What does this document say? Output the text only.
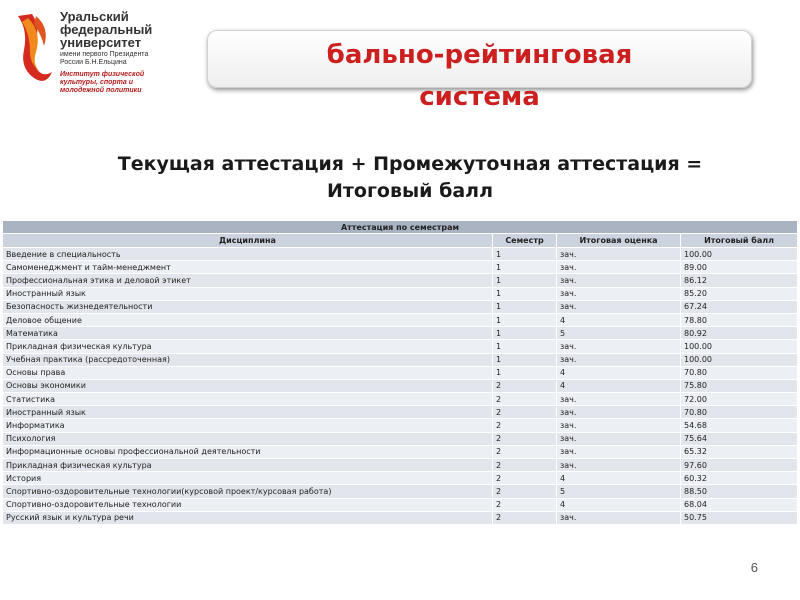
Уральский
федеральный
университет
имени первого Президента
России Б.Н.Ельцина
Институт физической
культуры, спорта и
молодежной политики
бально-рейтинговая
система
Текущая аттестация + Промежуточная аттестация =
Итоговый балл
Аттестация по семестрам			
Дисциплина	Семестр	Итоговая оценка	Итоговый балл
Введение в специальность	1	зач.	100.00
Самоменеджмент и тайм-менеджмент	1	зач.	89.00
Профессиональная этика и деловой этикет	1	зач.	86.12
Иностранный язык	1	зач.	85.20
Безопасность жизнедеятельности	1	зач.	67.24
Деловое общение	1	4	78.80
Математика	1	5	80.92
Прикладная физическая культура	1	зач.	100.00
Учебная практика (рассредоточенная)	1	зач.	100.00
Основы права	1	4	70.80
Основы экономики	2	4	75.80
Статистика	2	зач.	72.00
Иностранный язык	2	зач.	70.80
Информатика	2	зач.	54.68
Психология	2	зач.	75.64
Информационные основы профессиональной деятельности	2	зач.	65.32
Прикладная физическая культура	2	зач.	97.60
История	2	4	60.32
Спортивно-оздоровительные технологии(курсовой проект/курсовая работа)	2	5	88.50
Спортивно-оздоровительные технологии	2	4	68.04
Русский язык и культура речи	2	зач.	50.75
6
